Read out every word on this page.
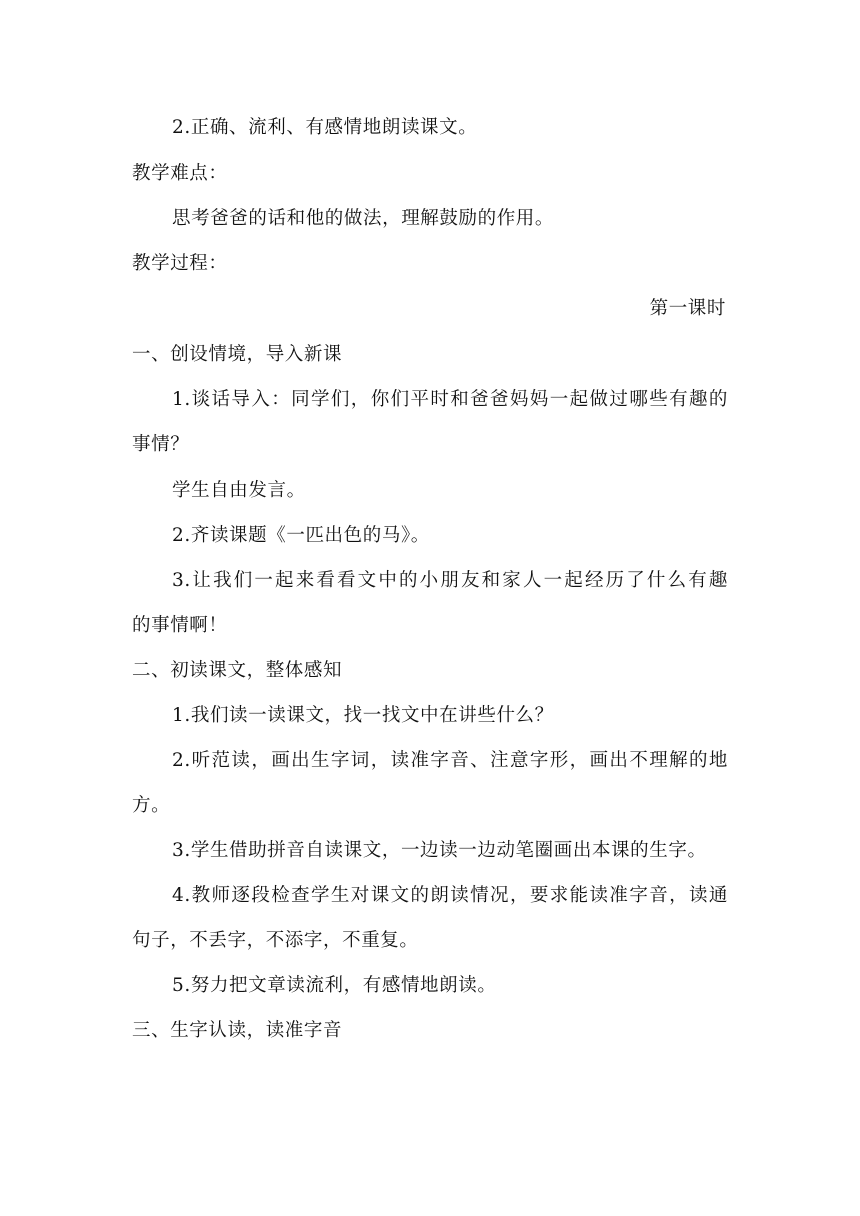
2.正确、流利、有感情地朗读课文。
教学难点：
思考爸爸的话和他的做法，理解鼓励的作用。
教学过程：
第一课时
一、创设情境，导入新课
1.谈话导入：同学们，你们平时和爸爸妈妈一起做过哪些有趣的
事情？
学生自由发言。
2.齐读课题《一匹出色的马》。
3.让我们一起来看看文中的小朋友和家人一起经历了什么有趣
的事情啊！
二、初读课文，整体感知
1.我们读一读课文，找一找文中在讲些什么？
2.听范读，画出生字词，读准字音、注意字形，画出不理解的地
方。
3.学生借助拼音自读课文，一边读一边动笔圈画出本课的生字。
4.教师逐段检查学生对课文的朗读情况，要求能读准字音，读通
句子，不丢字，不添字，不重复。
5.努力把文章读流利，有感情地朗读。
三、生字认读，读准字音
